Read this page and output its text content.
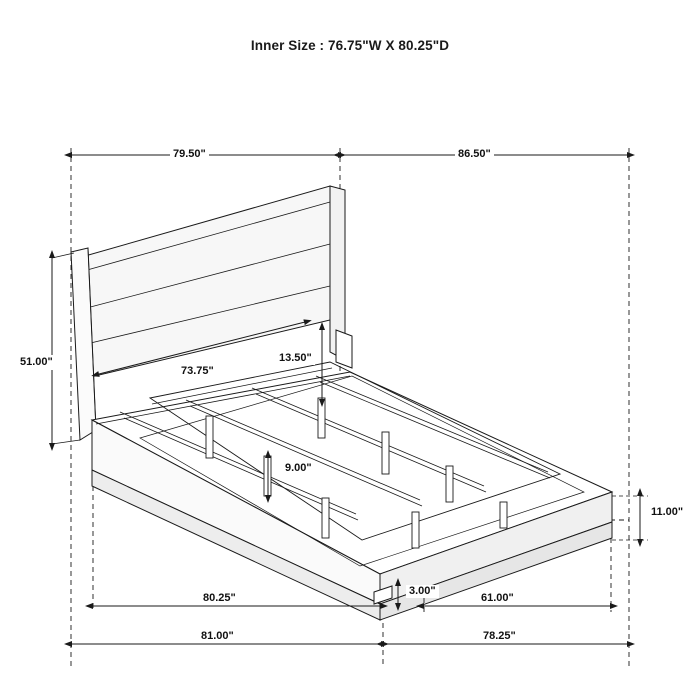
Inner Size : 76.75"W X 80.25"D
79.50"	86.50"
51.00"
73.75"
13.50"
9.00"
11.00"
3.00"
80.25"	61.00"
81.00"	78.25"
